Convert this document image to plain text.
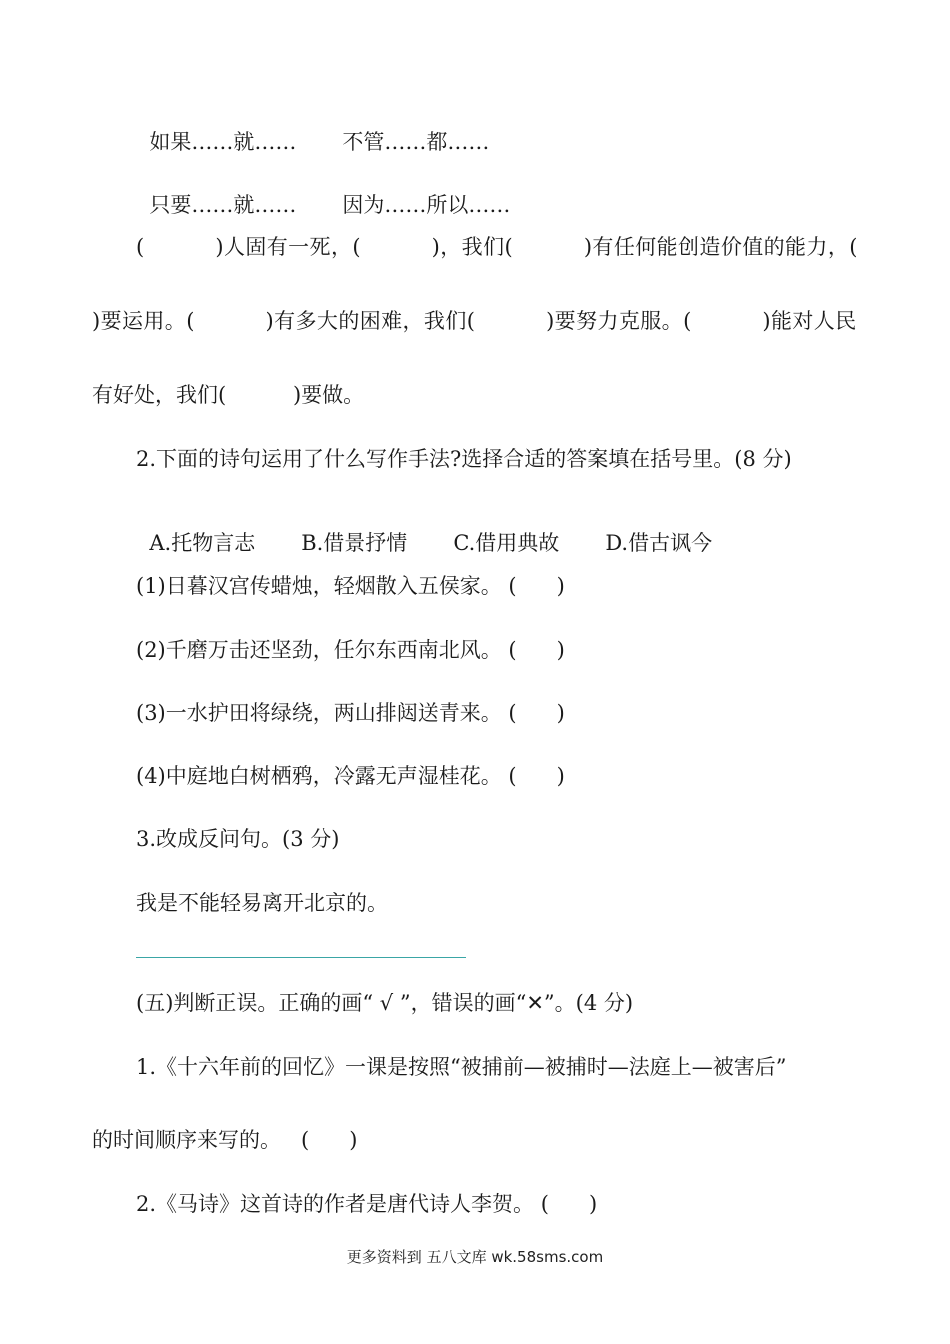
如果……就…… 不管……都……

只要……就…… 因为……所以……

(          )人固有一死，(          )，我们(          )有任何能创造价值的能力，(
)要运用。(          )有多大的困难，我们(          )要努力克服。(          )能对人民
有好处，我们(          )要做。
2.下面的诗句运用了什么写作手法?选择合适的答案填在括号里。(8 分)

A.托物言志 B.借景抒情 C.借用典故 D.借古讽今

(1)日暮汉宫传蜡烛，轻烟散入五侯家。 (      )
(2)千磨万击还坚劲，任尔东西南北风。 (      )
(3)一水护田将绿绕，两山排闼送青来。 (      )
(4)中庭地白树栖鸦，冷露无声湿桂花。 (      )
3.改成反问句。(3 分)
我是不能轻易离开北京的。
(五)判断正误。正确的画“ √ ”，错误的画“✕”。(4 分)
1.《十六年前的回忆》一课是按照“被捕前—被捕时—法庭上—被害后”
的时间顺序来写的。   (      )
2.《马诗》这首诗的作者是唐代诗人李贺。 (      )
更多资料到 五八文库 wk.58sms.com
